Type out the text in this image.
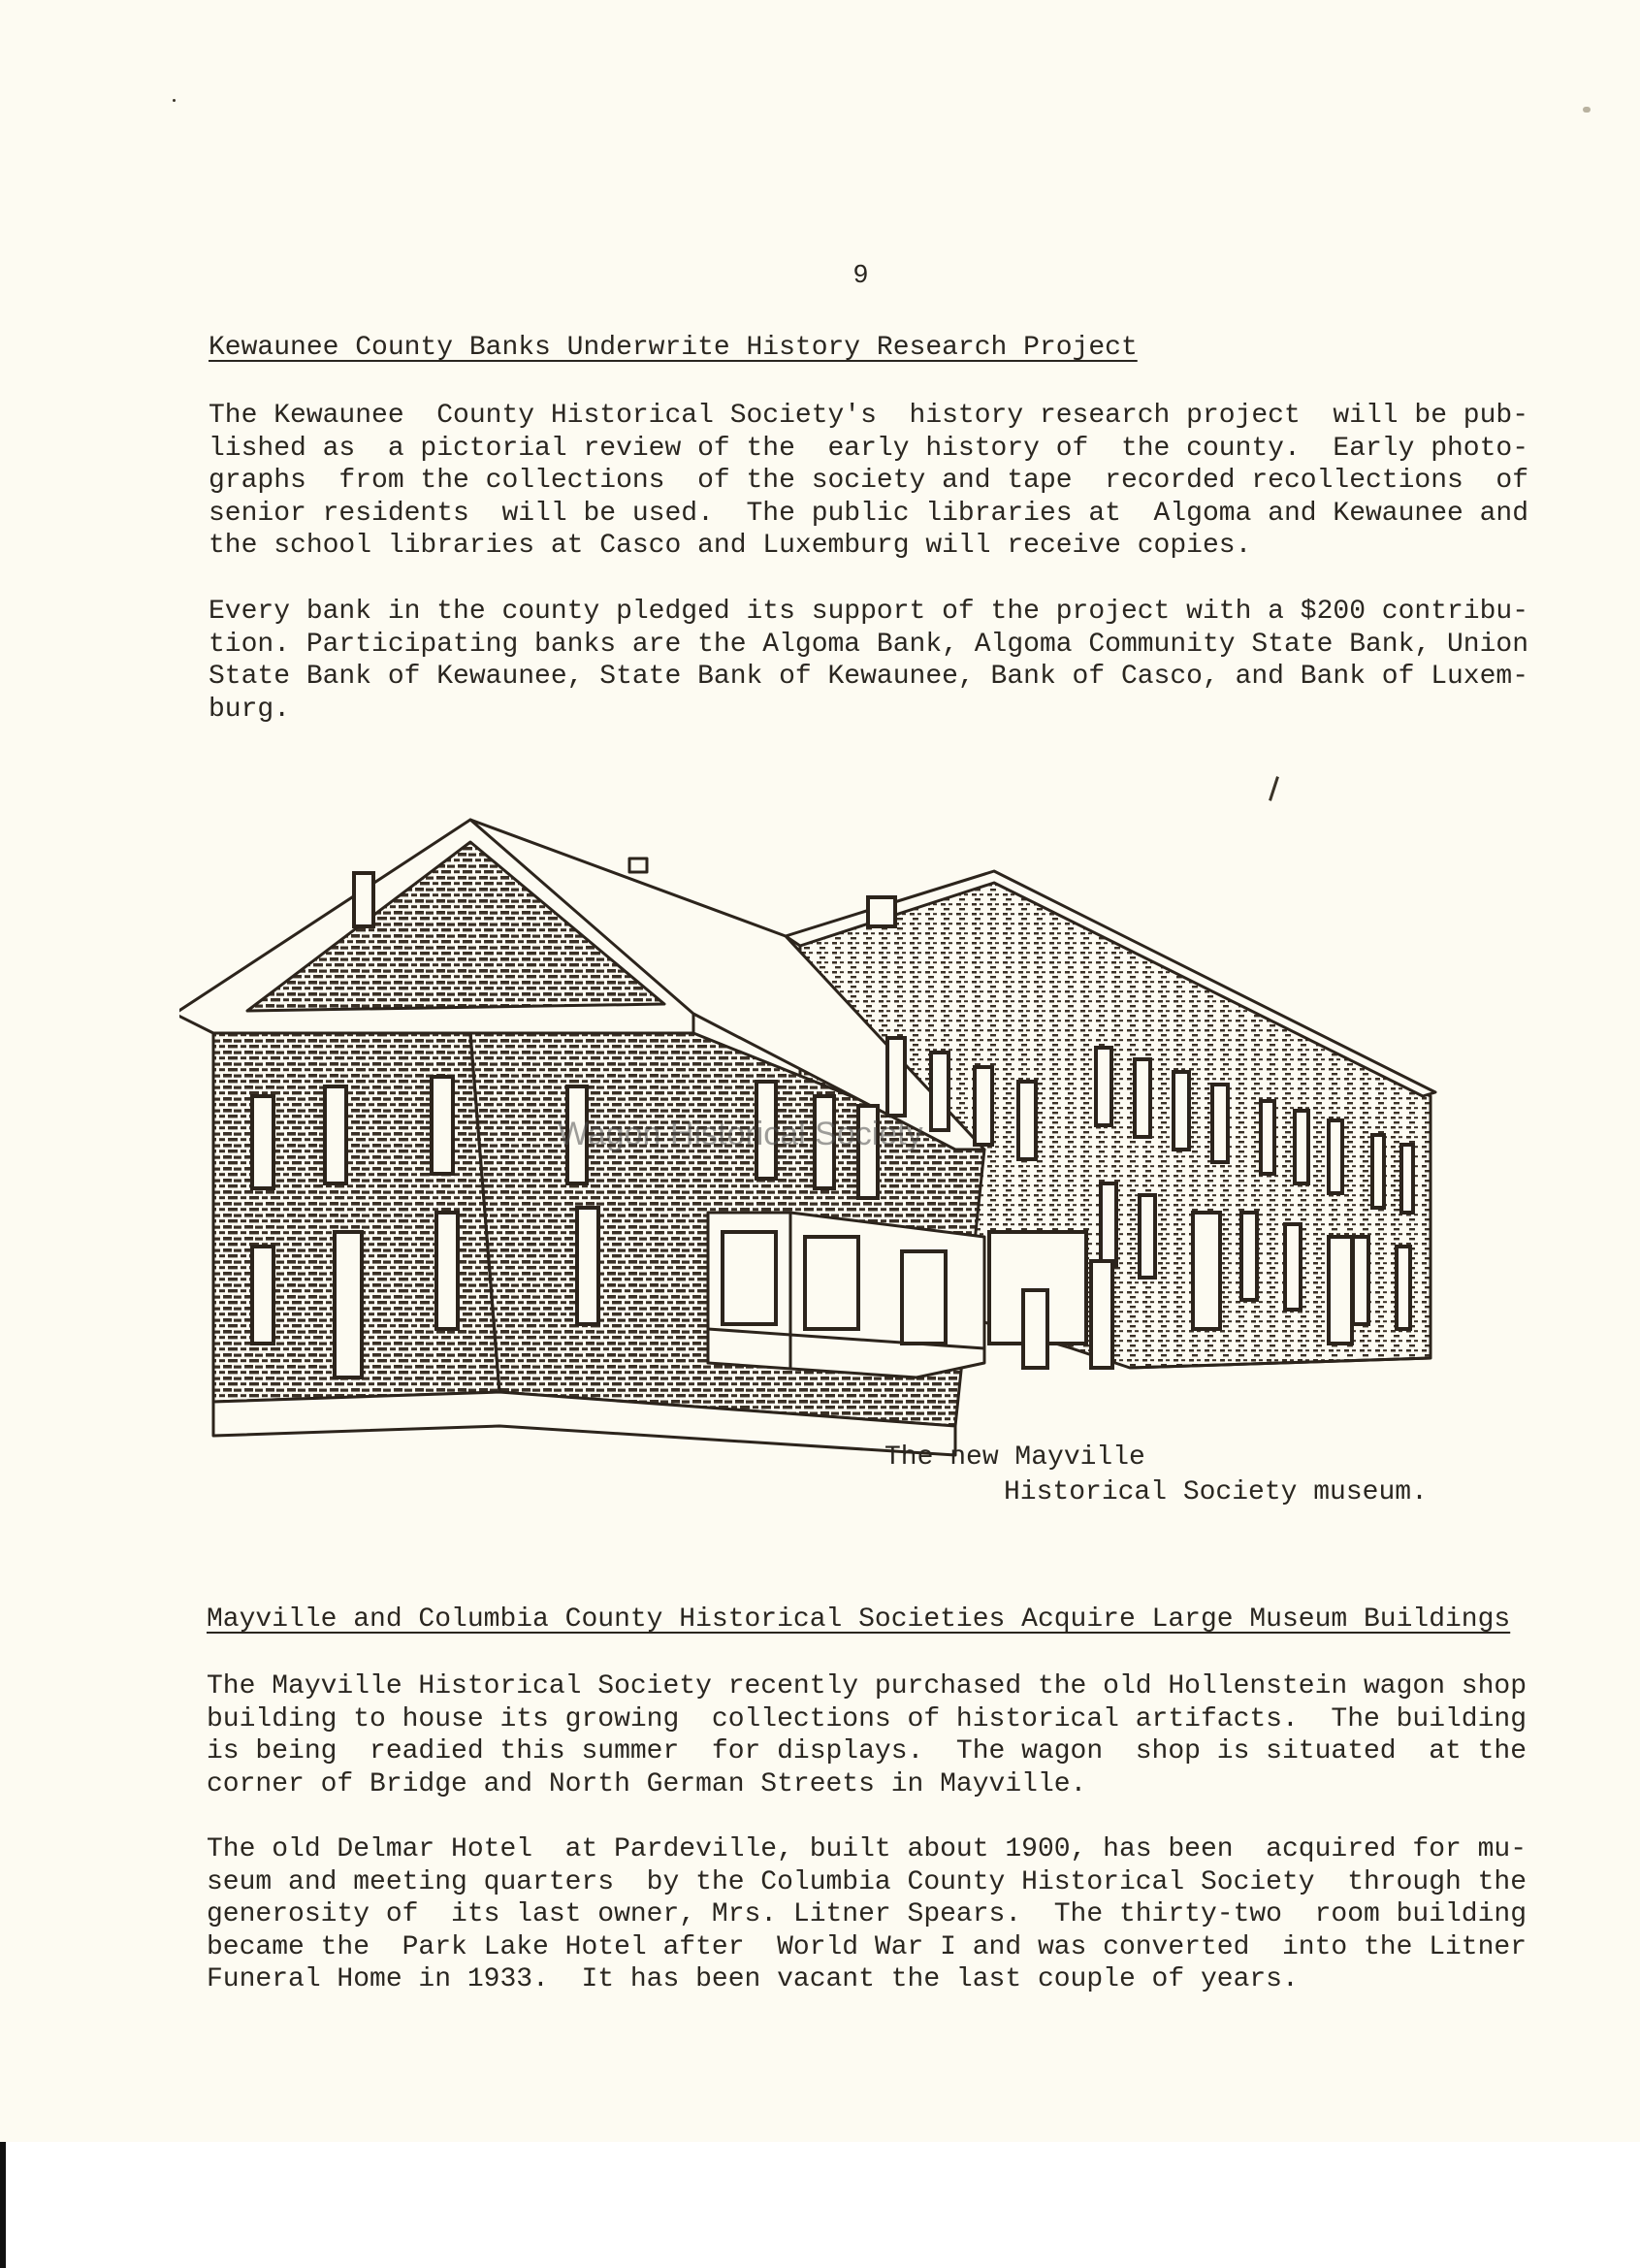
9
Kewaunee County Banks Underwrite History Research Project

The Kewaunee  County Historical Society's  history research project  will be pub-

lished as  a pictorial review of the  early history of  the county.  Early photo-

graphs  from the collections  of the society and tape  recorded recollections  of

senior residents  will be used.  The public libraries at  Algoma and Kewaunee and

the school libraries at Casco and Luxemburg will receive copies.

Every bank in the county pledged its support of the project with a $200 contribu-

tion. Participating banks are the Algoma Bank, Algoma Community State Bank, Union

State Bank of Kewaunee, State Bank of Kewaunee, Bank of Casco, and Bank of Luxem-

burg.

Wagon Historical Society
The new Mayville
Historical Society museum.
Mayville and Columbia County Historical Societies Acquire Large Museum Buildings

The Mayville Historical Society recently purchased the old Hollenstein wagon shop

building to house its growing  collections of historical artifacts.  The building

is being  readied this summer  for displays.  The wagon  shop is situated  at the

corner of Bridge and North German Streets in Mayville.

The old Delmar Hotel  at Pardeville, built about 1900, has been  acquired for mu-

seum and meeting quarters  by the Columbia County Historical Society  through the

generosity of  its last owner, Mrs. Litner Spears.  The thirty-two  room building

became the  Park Lake Hotel after  World War I and was converted  into the Litner

Funeral Home in 1933.  It has been vacant the last couple of years.
